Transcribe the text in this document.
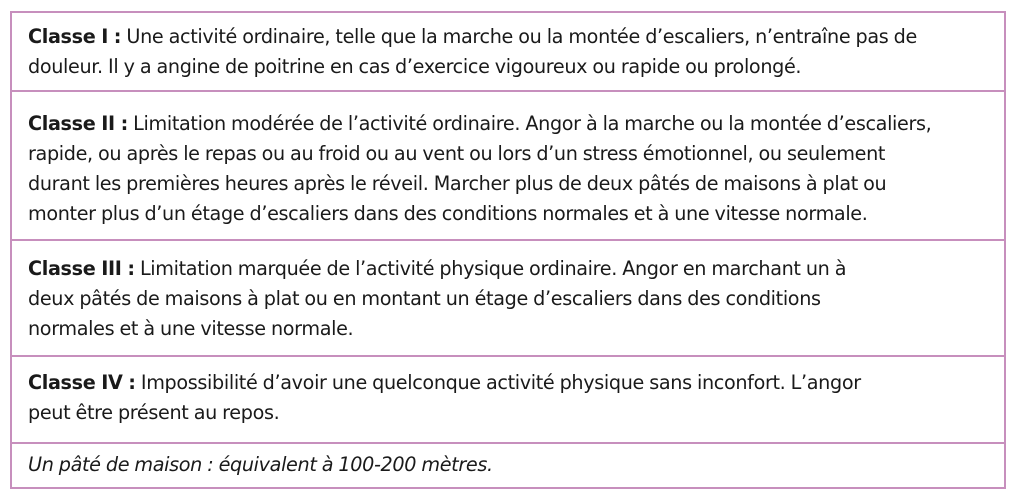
Classe I : Une activité ordinaire, telle que la marche ou la montée d’escaliers, n’entraîne pas de

douleur. Il y a angine de poitrine en cas d’exercice vigoureux ou rapide ou prolongé.

Classe II : Limitation modérée de l’activité ordinaire. Angor à la marche ou la montée d’escaliers,

rapide, ou après le repas ou au froid ou au vent ou lors d’un stress émotionnel, ou seulement

durant les premières heures après le réveil. Marcher plus de deux pâtés de maisons à plat ou

monter plus d’un étage d’escaliers dans des conditions normales et à une vitesse normale.

Classe III : Limitation marquée de l’activité physique ordinaire. Angor en marchant un à

deux pâtés de maisons à plat ou en montant un étage d’escaliers dans des conditions

normales et à une vitesse normale.

Classe IV : Impossibilité d’avoir une quelconque activité physique sans inconfort. L’angor

peut être présent au repos.

Un pâté de maison : équivalent à 100-200 mètres.
